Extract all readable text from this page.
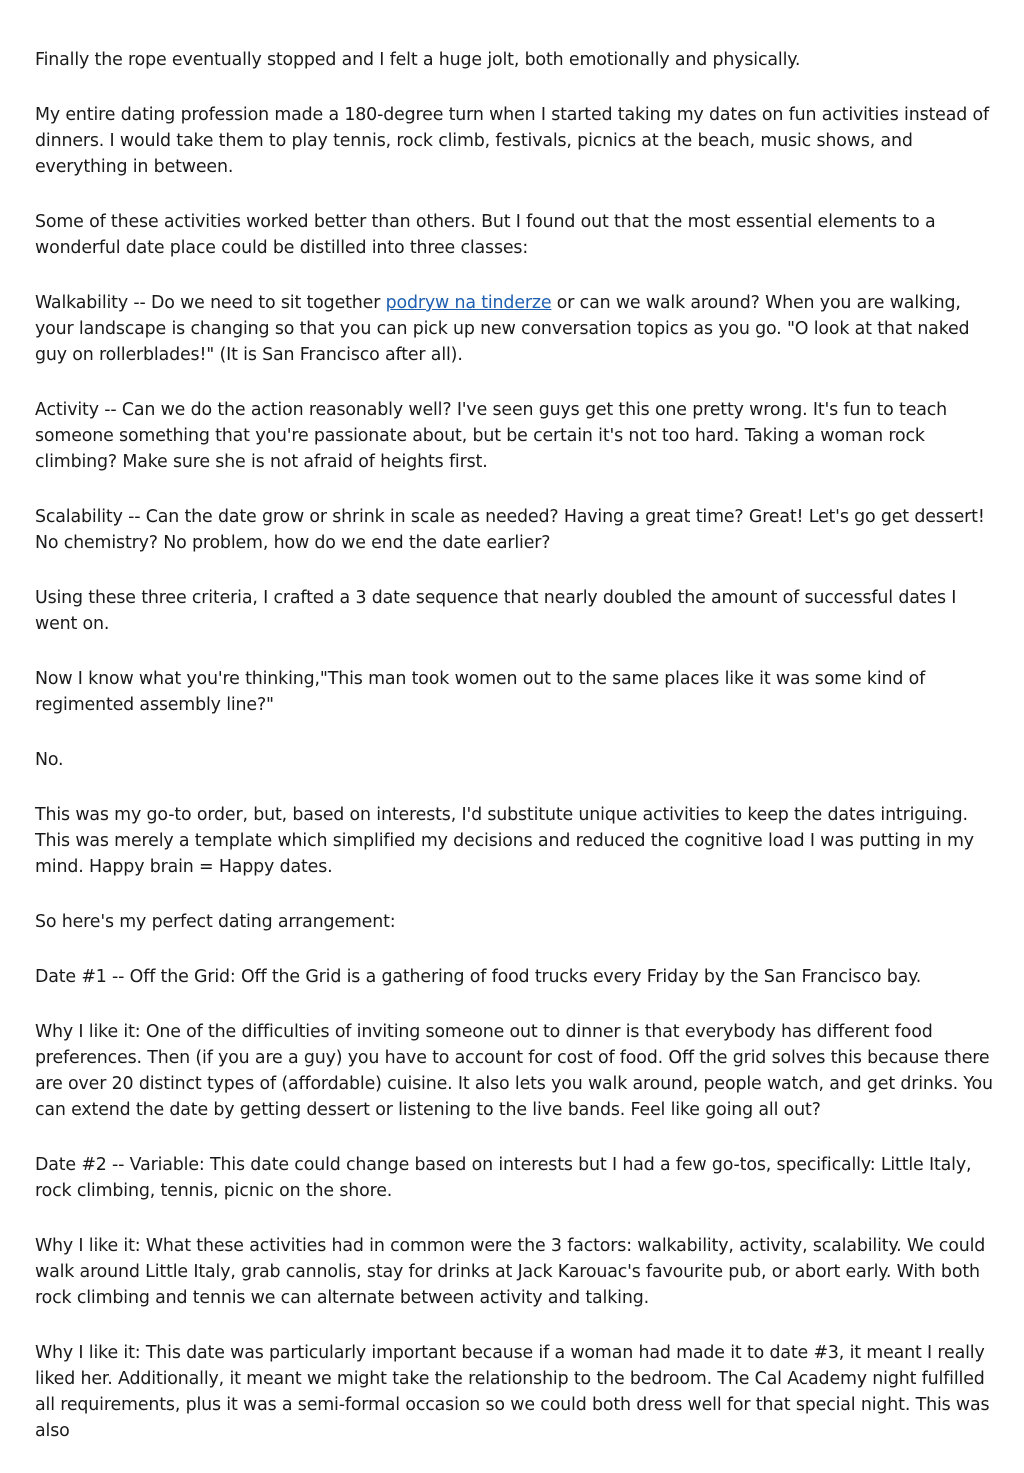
Finally the rope eventually stopped and I felt a huge jolt, both emotionally and physically.

My entire dating profession made a 180-degree turn when I started taking my dates on fun activities instead of dinners. I would take them to play tennis, rock climb, festivals, picnics at the beach, music shows, and everything in between.

Some of these activities worked better than others. But I found out that the most essential elements to a wonderful date place could be distilled into three classes:

Walkability -- Do we need to sit together podryw na tinderze or can we walk around? When you are walking, your landscape is changing so that you can pick up new conversation topics as you go. "O look at that naked guy on rollerblades!" (It is San Francisco after all).

Activity -- Can we do the action reasonably well? I've seen guys get this one pretty wrong. It's fun to teach someone something that you're passionate about, but be certain it's not too hard. Taking a woman rock climbing? Make sure she is not afraid of heights first.

Scalability -- Can the date grow or shrink in scale as needed? Having a great time? Great! Let's go get dessert! No chemistry? No problem, how do we end the date earlier?

Using these three criteria, I crafted a 3 date sequence that nearly doubled the amount of successful dates I went on.

Now I know what you're thinking,"This man took women out to the same places like it was some kind of regimented assembly line?"

No.

This was my go-to order, but, based on interests, I'd substitute unique activities to keep the dates intriguing. This was merely a template which simplified my decisions and reduced the cognitive load I was putting in my mind. Happy brain = Happy dates.

So here's my perfect dating arrangement:

Date #1 -- Off the Grid: Off the Grid is a gathering of food trucks every Friday by the San Francisco bay.

Why I like it: One of the difficulties of inviting someone out to dinner is that everybody has different food preferences. Then (if you are a guy) you have to account for cost of food. Off the grid solves this because there are over 20 distinct types of (affordable) cuisine. It also lets you walk around, people watch, and get drinks. You can extend the date by getting dessert or listening to the live bands. Feel like going all out?

Date #2 -- Variable: This date could change based on interests but I had a few go-tos, specifically: Little Italy, rock climbing, tennis, picnic on the shore.

Why I like it: What these activities had in common were the 3 factors: walkability, activity, scalability. We could walk around Little Italy, grab cannolis, stay for drinks at Jack Karouac's favourite pub, or abort early. With both rock climbing and tennis we can alternate between activity and talking.

Why I like it: This date was particularly important because if a woman had made it to date #3, it meant I really liked her. Additionally, it meant we might take the relationship to the bedroom. The Cal Academy night fulfilled all requirements, plus it was a semi-formal occasion so we could both dress well for that special night. This was also
